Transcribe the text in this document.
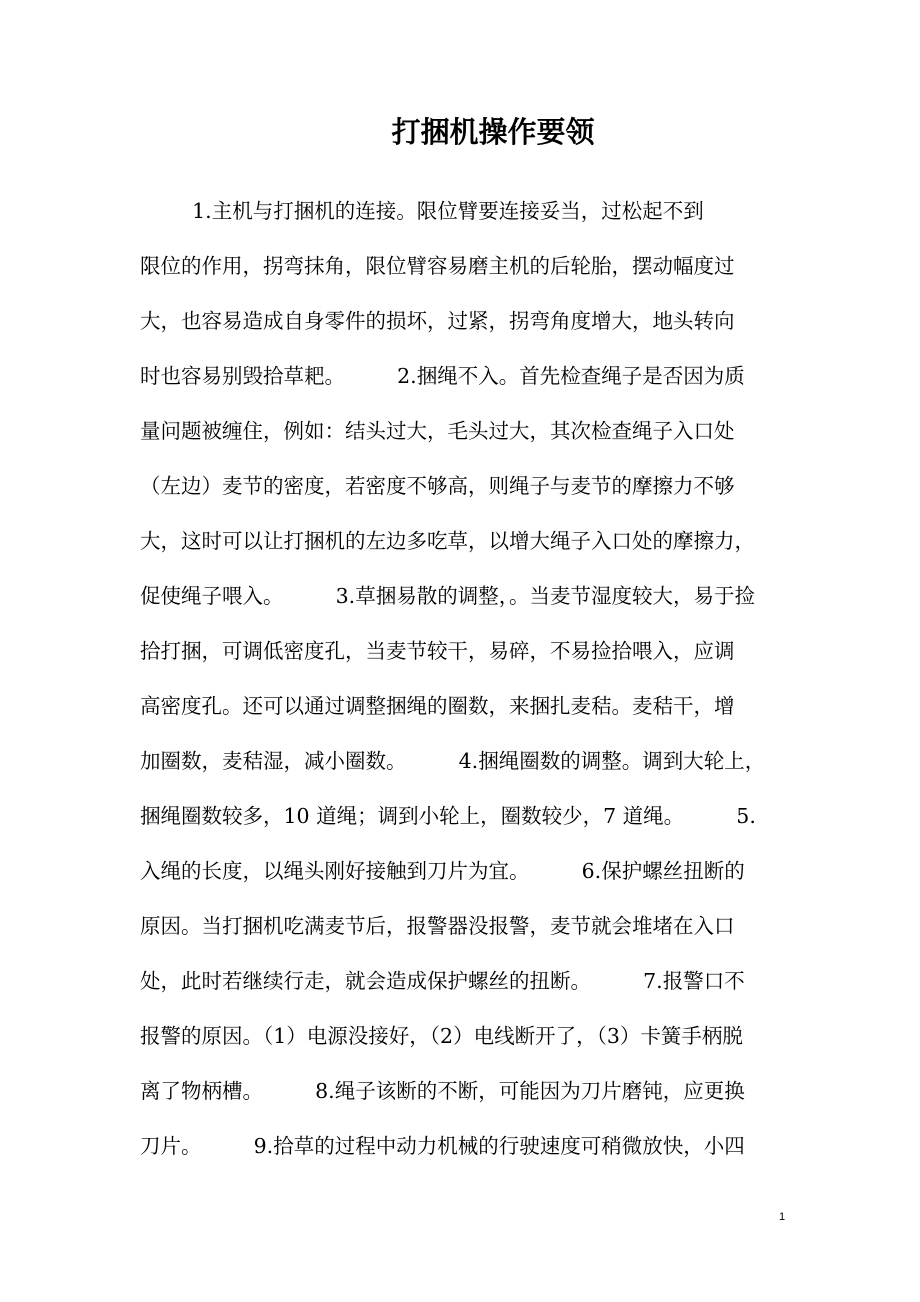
打捆机操作要领
1.主机与打捆机的连接。限位臂要连接妥当，过松起不到
限位的作用，拐弯抹角，限位臂容易磨主机的后轮胎，摆动幅度过
大，也容易造成自身零件的损坏，过紧，拐弯角度增大，地头转向
时也容易别毁拾草耙。        2.捆绳不入。首先检查绳子是否因为质
量问题被缠住，例如：结头过大，毛头过大，其次检查绳子入口处
（左边）麦节的密度，若密度不够高，则绳子与麦节的摩擦力不够
大，这时可以让打捆机的左边多吃草，以增大绳子入口处的摩擦力，
促使绳子喂入。        3.草捆易散的调整，。当麦节湿度较大，易于捡
拾打捆，可调低密度孔，当麦节较干，易碎，不易捡拾喂入，应调
高密度孔。还可以通过调整捆绳的圈数，来捆扎麦秸。麦秸干，增
加圈数，麦秸湿，减小圈数。        4.捆绳圈数的调整。调到大轮上，
捆绳圈数较多，10 道绳；调到小轮上，圈数较少，7 道绳。        5.
入绳的长度，以绳头刚好接触到刀片为宜。        6.保护螺丝扭断的
原因。当打捆机吃满麦节后，报警器没报警，麦节就会堆堵在入口
处，此时若继续行走，就会造成保护螺丝的扭断。        7.报警口不
报警的原因。（1）电源没接好，（2）电线断开了，（3）卡簧手柄脱
离了物柄槽。        8.绳子该断的不断，可能因为刀片磨钝，应更换
刀片。        9.拾草的过程中动力机械的行驶速度可稍微放快，小四
1
